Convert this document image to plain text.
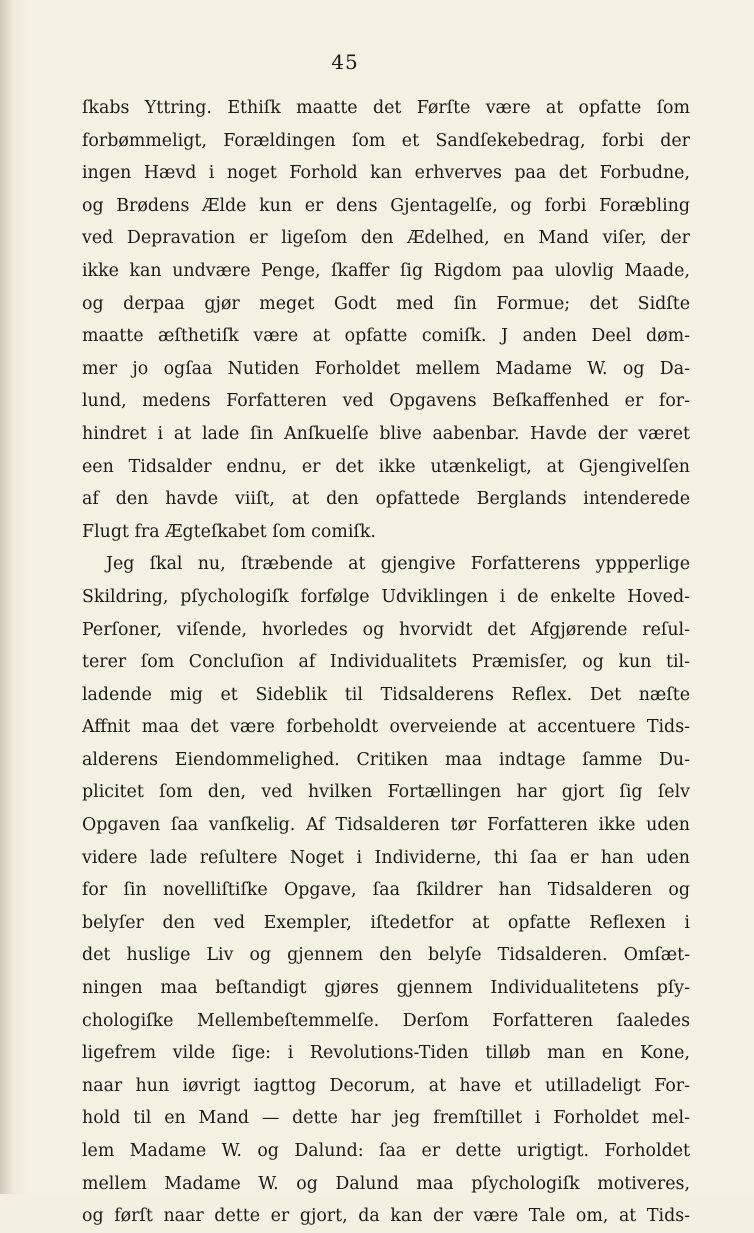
45
ſkabs Yttring. Ethiſk maatte det Førſte være at opfatte ſom
forbømmeligt, Forældingen ſom et Sandſekebedrag, forbi der
ingen Hævd i noget Forhold kan erhverves paa det Forbudne,
og Brødens Ælde kun er dens Gjentagelſe, og forbi Foræbling
ved Depravation er ligeſom den Ædelhed, en Mand viſer, der
ikke kan undvære Penge, ſkaffer ſig Rigdom paa ulovlig Maade,
og derpaa gjør meget Godt med ſin Formue; det Sidſte
maatte æſthetiſk være at opfatte comiſk. J anden Deel døm-
mer jo ogſaa Nutiden Forholdet mellem Madame W. og Da-
lund, medens Forfatteren ved Opgavens Beſkaffenhed er for-
hindret i at lade ſin Anſkuelſe blive aabenbar. Havde der været
een Tidsalder endnu, er det ikke utænkeligt, at Gjengivelſen
af den havde viiſt, at den opfattede Berglands intenderede
Flugt fra Ægteſkabet ſom comiſk.
Jeg ſkal nu, ſtræbende at gjengive Forfatterens yppperlige
Skildring, pſychologiſk forfølge Udviklingen i de enkelte Hoved-
Perſoner, viſende, hvorledes og hvorvidt det Afgjørende reſul-
terer ſom Concluſion af Individualitets Præmisſer, og kun til-
ladende mig et Sideblik til Tidsalderens Reflex. Det næſte
Affnit maa det være forbeholdt overveiende at accentuere Tids-
alderens Eiendommelighed. Critiken maa indtage ſamme Du-
plicitet ſom den, ved hvilken Fortællingen har gjort ſig ſelv
Opgaven ſaa vanſkelig. Af Tidsalderen tør Forfatteren ikke uden
videre lade reſultere Noget i Individerne, thi ſaa er han uden
for ſin novelliſtiſke Opgave, ſaa ſkildrer han Tidsalderen og
belyſer den ved Exempler, iſtedetfor at opfatte Reflexen i
det huslige Liv og gjennem den belyſe Tidsalderen. Omſæt-
ningen maa beſtandigt gjøres gjennem Individualitetens pſy-
chologiſke Mellembeſtemmelſe. Derſom Forfatteren ſaaledes
ligefrem vilde ſige: i Revolutions-Tiden tilløb man en Kone,
naar hun iøvrigt iagttog Decorum, at have et utilladeligt For-
hold til en Mand — dette har jeg fremſtillet i Forholdet mel-
lem Madame W. og Dalund: ſaa er dette urigtigt. Forholdet
mellem Madame W. og Dalund maa pſychologiſk motiveres,
og førſt naar dette er gjort, da kan der være Tale om, at Tids-
